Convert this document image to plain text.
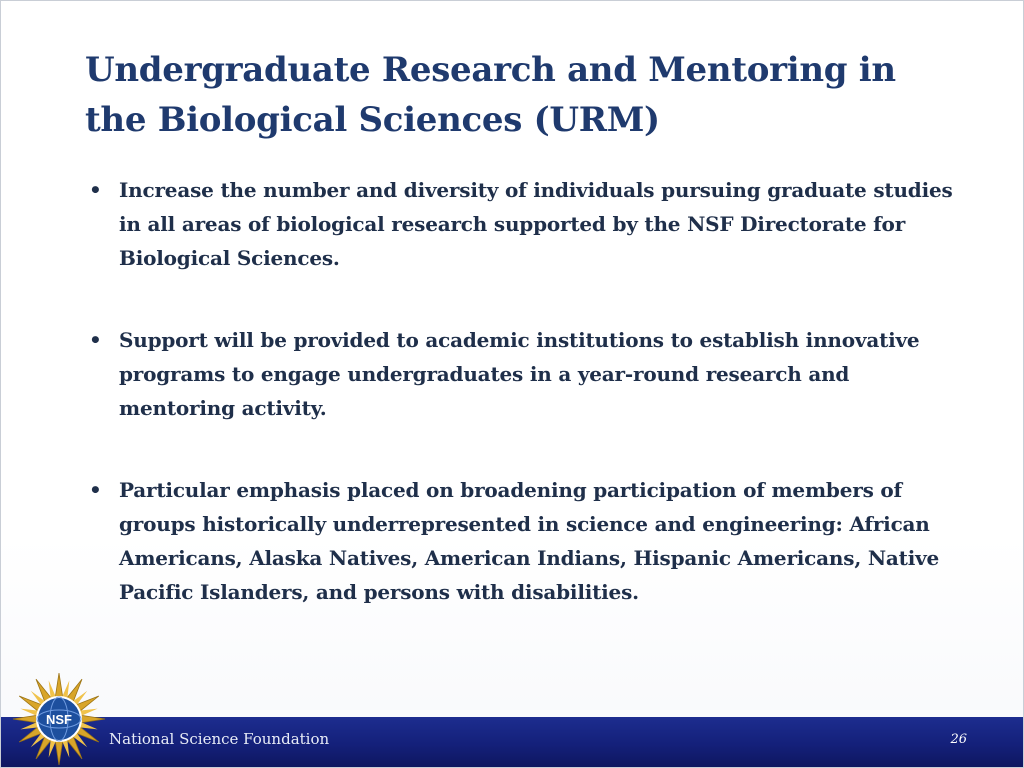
Undergraduate Research and Mentoring in the Biological Sciences (URM)
• Increase the number and diversity of individuals pursuing graduate studies in all areas of biological research supported by the NSF Directorate for Biological Sciences.
• Support will be provided to academic institutions to establish innovative programs to engage undergraduates in a year-round research and mentoring activity.
• Particular emphasis placed on broadening participation of members of groups historically underrepresented in science and engineering: African Americans, Alaska Natives, American Indians, Hispanic Americans, Native Pacific Islanders, and persons with disabilities.
National Science Foundation	26
NSF
